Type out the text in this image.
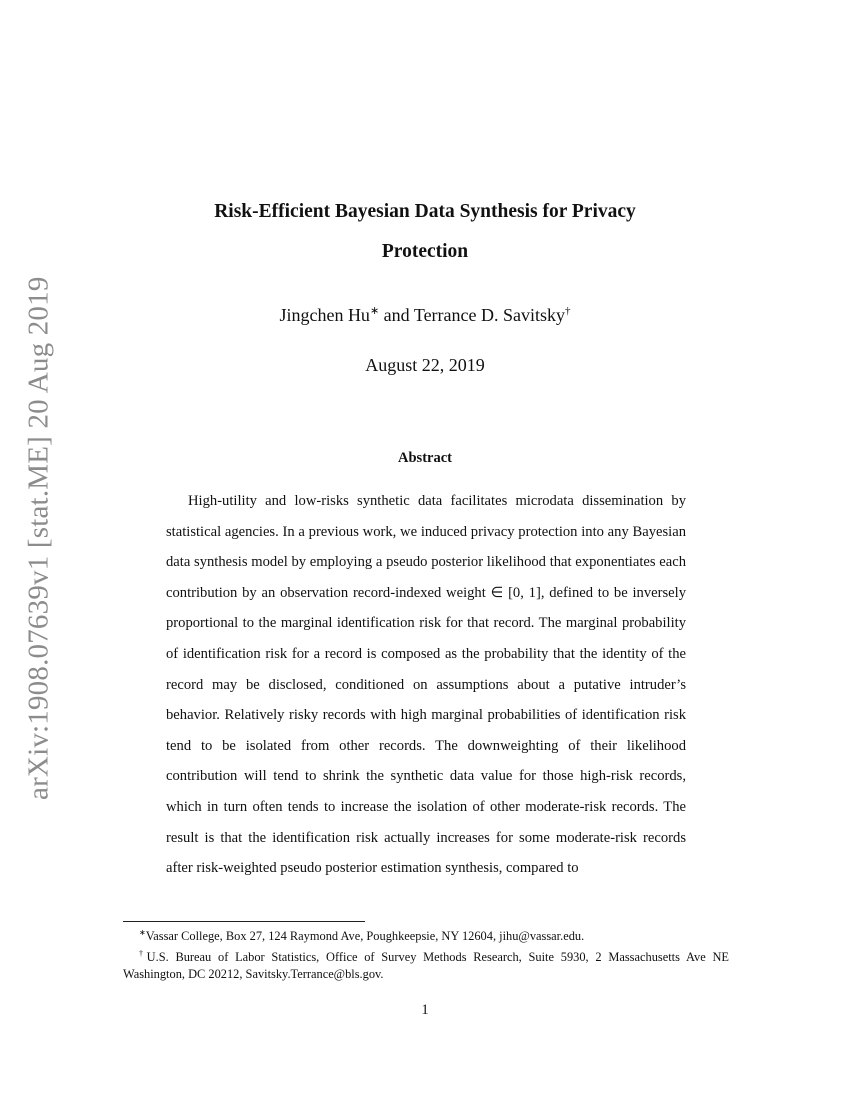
arXiv:1908.07639v1 [stat.ME] 20 Aug 2019
Risk-Efficient Bayesian Data Synthesis for Privacy
Protection
Jingchen Hu∗ and Terrance D. Savitsky†
August 22, 2019
Abstract
High-utility and low-risks synthetic data facilitates microdata dissemination by statistical agencies. In a previous work, we induced privacy protection into any Bayesian data synthesis model by employing a pseudo posterior likelihood that exponentiates each contribution by an observation record-indexed weight ∈ [0, 1], defined to be inversely proportional to the marginal identification risk for that record. The marginal probability of identification risk for a record is composed as the probability that the identity of the record may be disclosed, conditioned on assumptions about a putative intruder’s behavior. Relatively risky records with high marginal probabilities of identification risk tend to be isolated from other records. The downweighting of their likelihood contribution will tend to shrink the synthetic data value for those high-risk records, which in turn often tends to increase the isolation of other moderate-risk records. The result is that the identification risk actually increases for some moderate-risk records after risk-weighted pseudo posterior estimation synthesis, compared to
∗Vassar College, Box 27, 124 Raymond Ave, Poughkeepsie, NY 12604, jihu@vassar.edu.
†U.S. Bureau of Labor Statistics, Office of Survey Methods Research, Suite 5930, 2 Massachusetts Ave NE Washington, DC 20212, Savitsky.Terrance@bls.gov.
1
